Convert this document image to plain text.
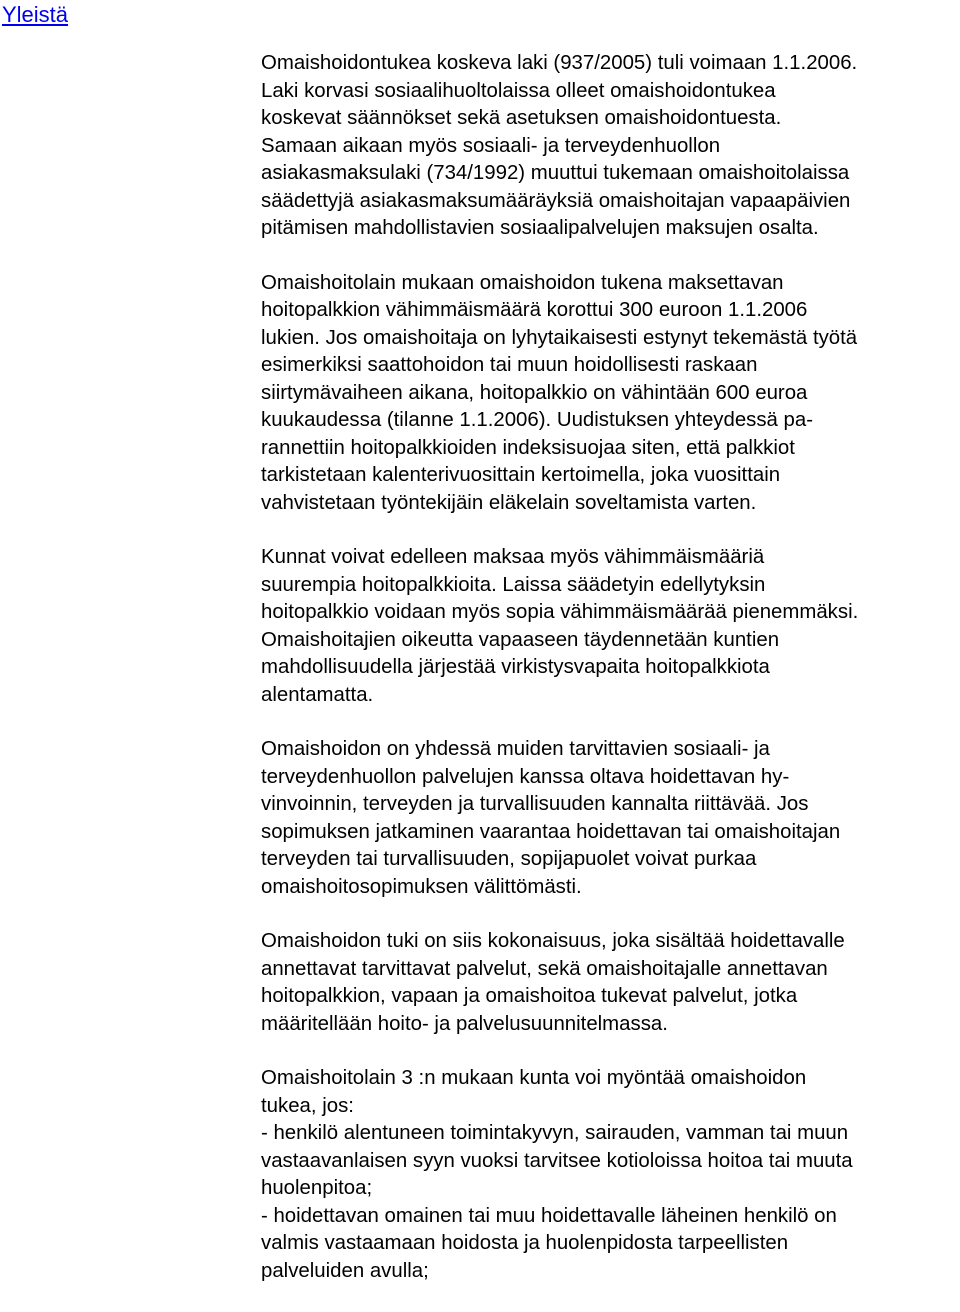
Yleistä
Omaishoidontukea koskeva laki (937/2005) tuli voimaan 1.1.2006.
Laki korvasi sosiaalihuoltolaissa olleet omaishoidontukea
koskevat säännökset sekä asetuksen omaishoidontuesta.
Samaan aikaan myös sosiaali- ja terveydenhuollon
asiakasmaksulaki (734/1992) muuttui tukemaan omaishoitolaissa
säädettyjä asiakasmaksumääräyksiä omaishoitajan vapaapäivien
pitämisen mahdollistavien sosiaalipalvelujen maksujen osalta.
Omaishoitolain mukaan omaishoidon tukena maksettavan
hoitopalkkion vähimmäismäärä korottui 300 euroon 1.1.2006
lukien. Jos omaishoitaja on lyhytaikaisesti estynyt tekemästä työtä
esimerkiksi saattohoidon tai muun hoidollisesti raskaan
siirtymävaiheen aikana, hoitopalkkio on vähintään 600 euroa
kuukaudessa (tilanne 1.1.2006). Uudistuksen yhteydessä pa-
rannettiin hoitopalkkioiden indeksisuojaa siten, että palkkiot
tarkistetaan kalenterivuosittain kertoimella, joka vuosittain
vahvistetaan työntekijäin eläkelain soveltamista varten.
Kunnat voivat edelleen maksaa myös vähimmäismääriä
suurempia hoitopalkkioita. Laissa säädetyin edellytyksin
hoitopalkkio voidaan myös sopia vähimmäismäärää pienemmäksi.
Omaishoitajien oikeutta vapaaseen täydennetään kuntien
mahdollisuudella järjestää virkistysvapaita hoitopalkkiota
alentamatta.
Omaishoidon on yhdessä muiden tarvittavien sosiaali- ja
terveydenhuollon palvelujen kanssa oltava hoidettavan hy-
vinvoinnin, terveyden ja turvallisuuden kannalta riittävää. Jos
sopimuksen jatkaminen vaarantaa hoidettavan tai omaishoitajan
terveyden tai turvallisuuden, sopijapuolet voivat purkaa
omaishoitosopimuksen välittömästi.
Omaishoidon tuki on siis kokonaisuus, joka sisältää hoidettavalle
annettavat tarvittavat palvelut, sekä omaishoitajalle annettavan
hoitopalkkion, vapaan ja omaishoitoa tukevat palvelut, jotka
määritellään hoito- ja palvelusuunnitelmassa.
Omaishoitolain 3 :n mukaan kunta voi myöntää omaishoidon
tukea, jos:
- henkilö alentuneen toimintakyvyn, sairauden, vamman tai muun
vastaavanlaisen syyn vuoksi tarvitsee kotioloissa hoitoa tai muuta
huolenpitoa;
- hoidettavan omainen tai muu hoidettavalle läheinen henkilö on
valmis vastaamaan hoidosta ja huolenpidosta tarpeellisten
palveluiden avulla;
